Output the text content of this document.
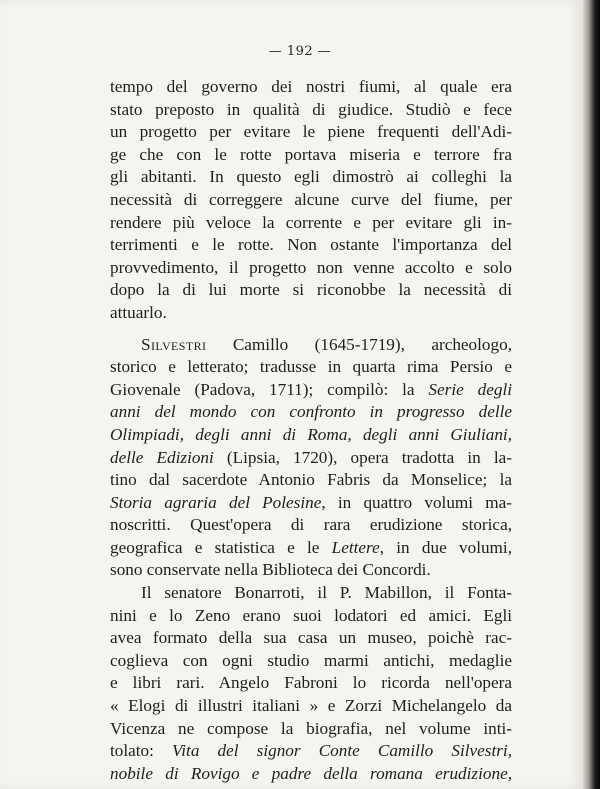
— 192 —

tempo del governo dei nostri fiumi, al quale era
stato preposto in qualità di giudice. Studiò e fece
un progetto per evitare le piene frequenti dell'Adi-
ge che con le rotte portava miseria e terrore fra
gli abitanti. In questo egli dimostrò ai colleghi la
necessità di correggere alcune curve del fiume, per
rendere più veloce la corrente e per evitare gli in-
terrimenti e le rotte. Non ostante l'importanza del
provvedimento, il progetto non venne accolto e solo
dopo la di lui morte si riconobbe la necessità di
attuarlo.

Silvestri Camillo (1645-1719), archeologo,
storico e letterato; tradusse in quarta rima Persio e
Giovenale (Padova, 1711); compilò: la Serie degli
anni del mondo con confronto in progresso delle
Olimpiadi, degli anni di Roma, degli anni Giuliani,
delle Edizioni (Lipsia, 1720), opera tradotta in la-
tino dal sacerdote Antonio Fabris da Monselice; la
Storia agraria del Polesine, in quattro volumi ma-
noscritti. Quest'opera di rara erudizione storica,
geografica e statistica e le Lettere, in due volumi,
sono conservate nella Biblioteca dei Concordi.

Il senatore Bonarroti, il P. Mabillon, il Fonta-
nini e lo Zeno erano suoi lodatori ed amici. Egli
avea formato della sua casa un museo, poichè rac-
coglieva con ogni studio marmi antichi, medaglie
e libri rari. Angelo Fabroni lo ricorda nell'opera
« Elogi di illustri italiani » e Zorzi Michelangelo da
Vicenza ne compose la biografia, nel volume inti-
tolato: Vita del signor Conte Camillo Silvestri,
nobile di Rovigo e padre della romana erudizione,
